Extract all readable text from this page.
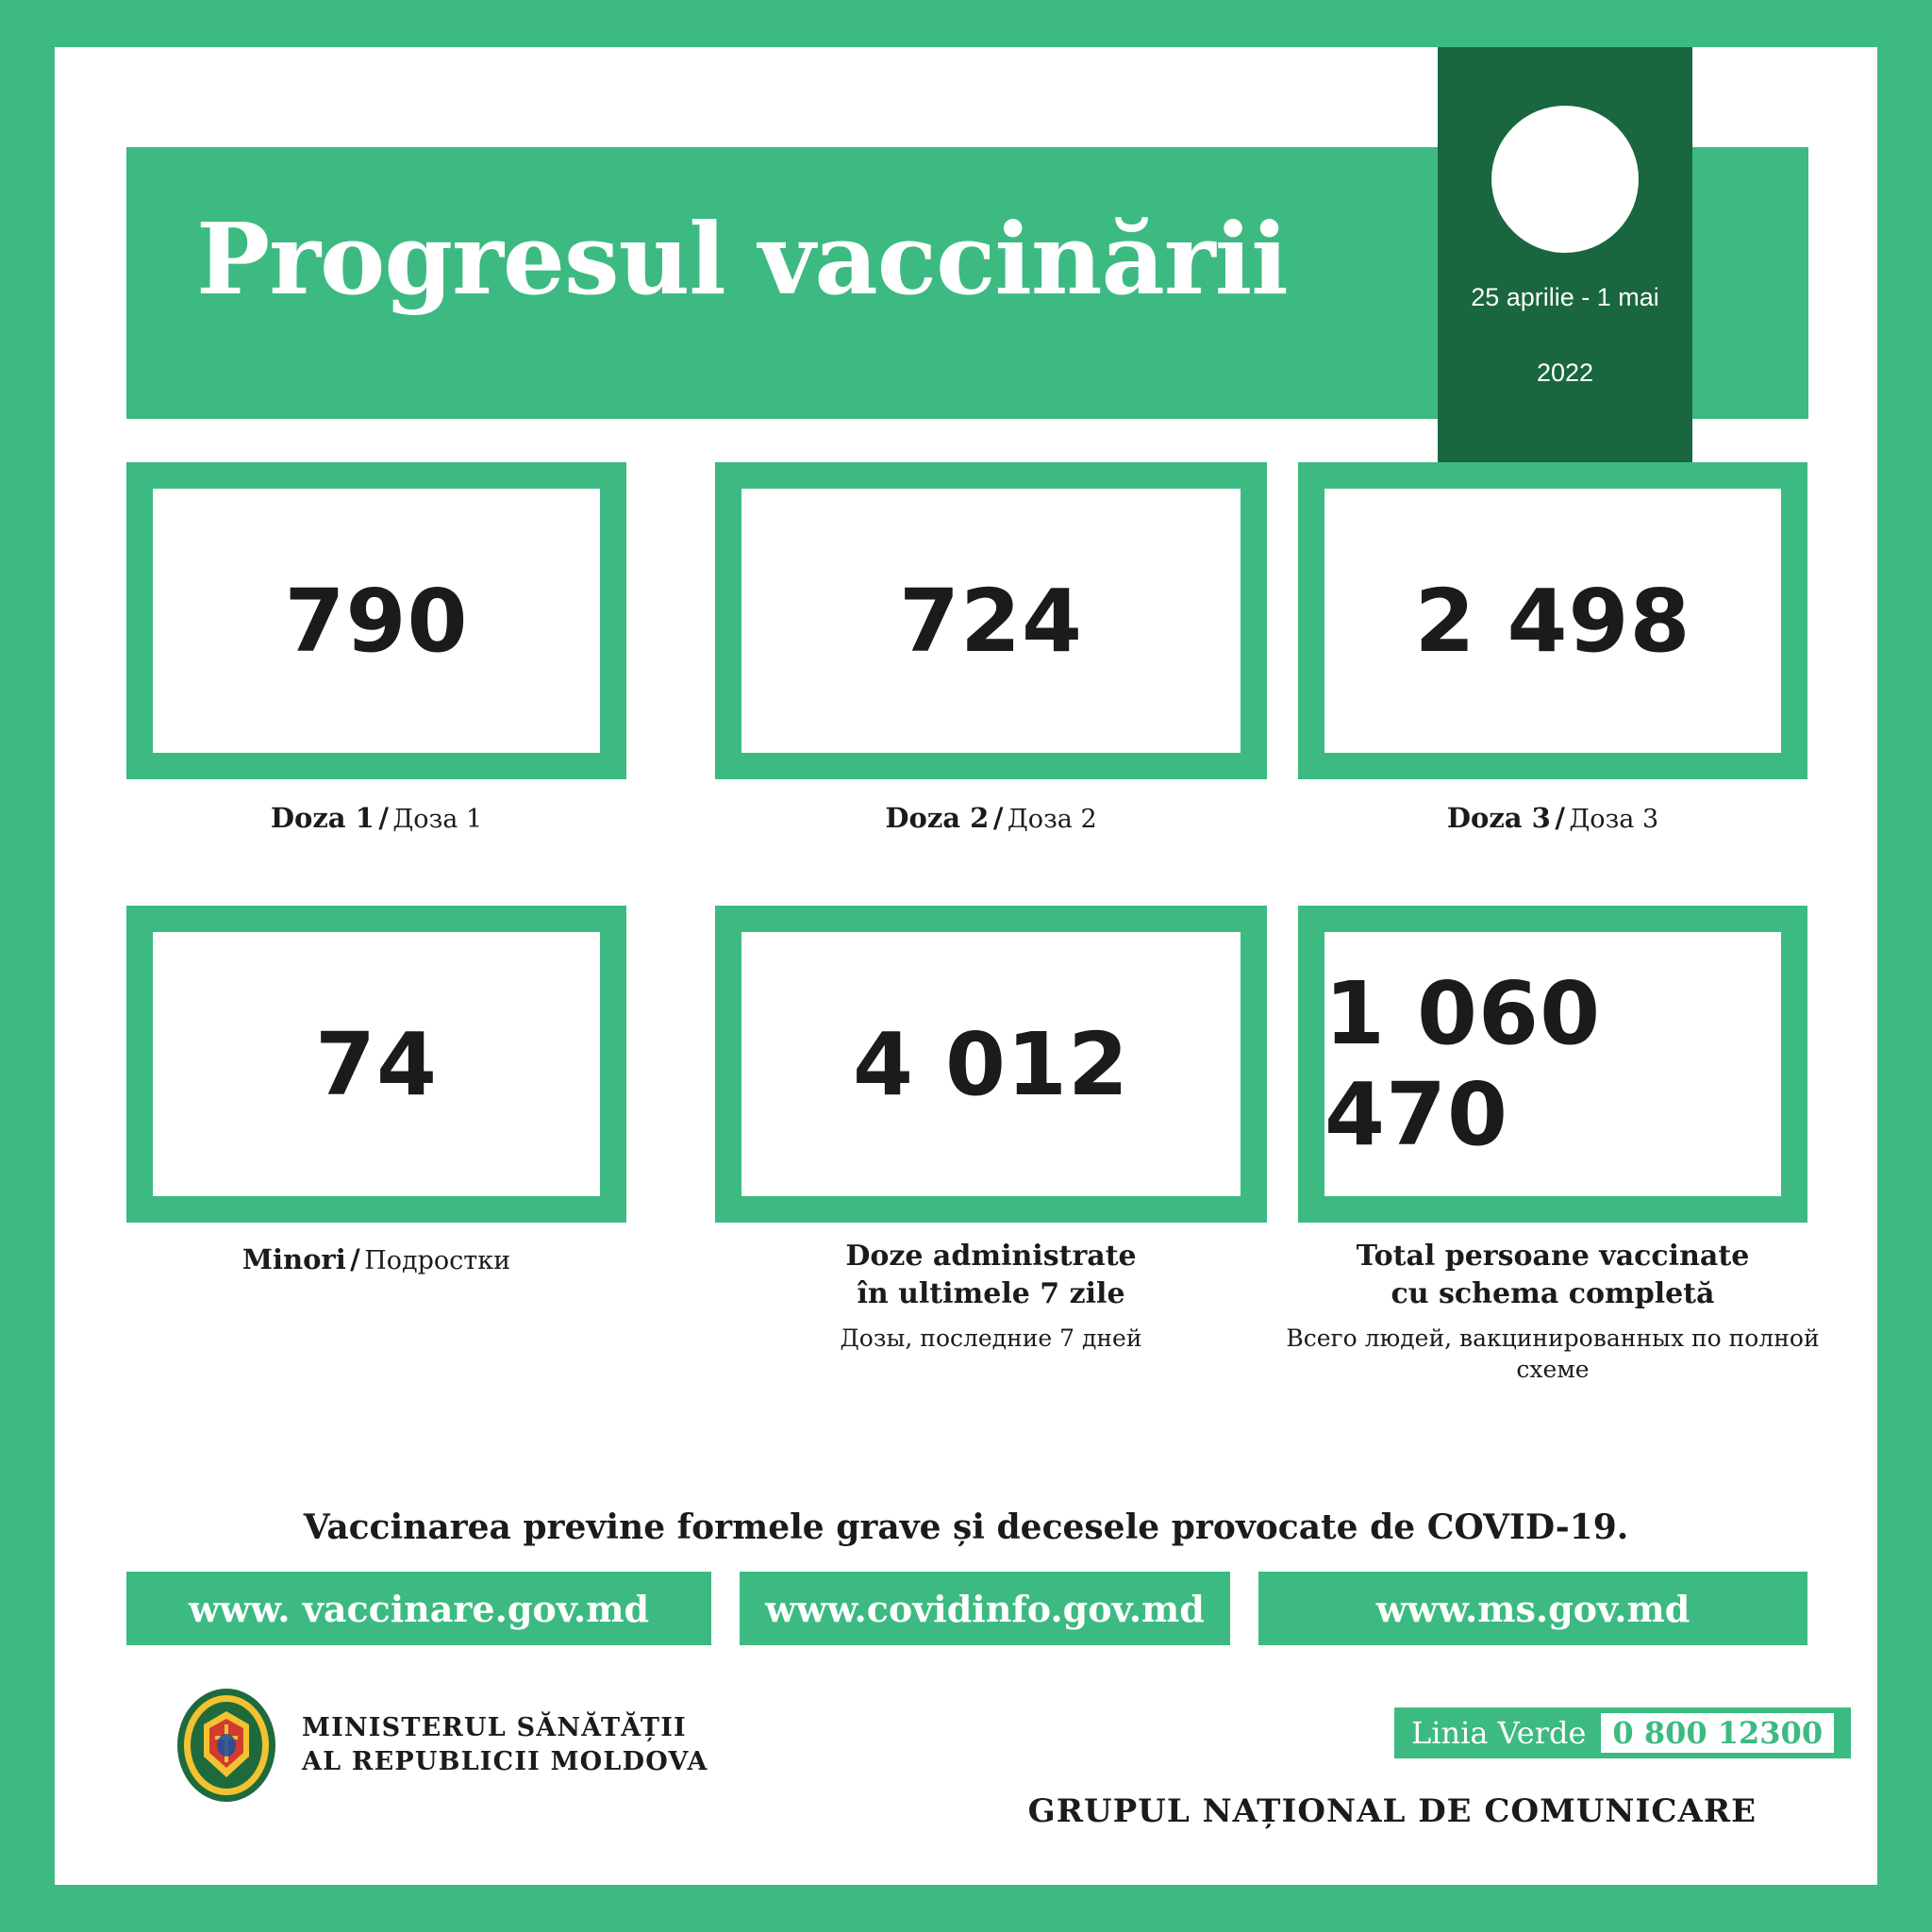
Progresul vaccinării	25 aprilie - 1 mai
2022
790
Doza 1 / Доза 1
724
Doza 2 / Доза 2
2 498
Doza 3 / Доза 3
74
Minori / Подростки
4 012
Doze administrate
în ultimele 7 zile
Дозы, последние 7 дней
1 060 470
Total persoane vaccinate
cu schema completă
Всего людей, вакцинированных по полной схеме
Vaccinarea previne formele grave și decesele provocate de COVID-19.
www. vaccinare.gov.md	www.covidinfo.gov.md	www.ms.gov.md
MINISTERUL SĂNĂTĂȚII
AL REPUBLICII MOLDOVA
Linia Verde 0 800 12300
GRUPUL NAȚIONAL DE COMUNICARE
